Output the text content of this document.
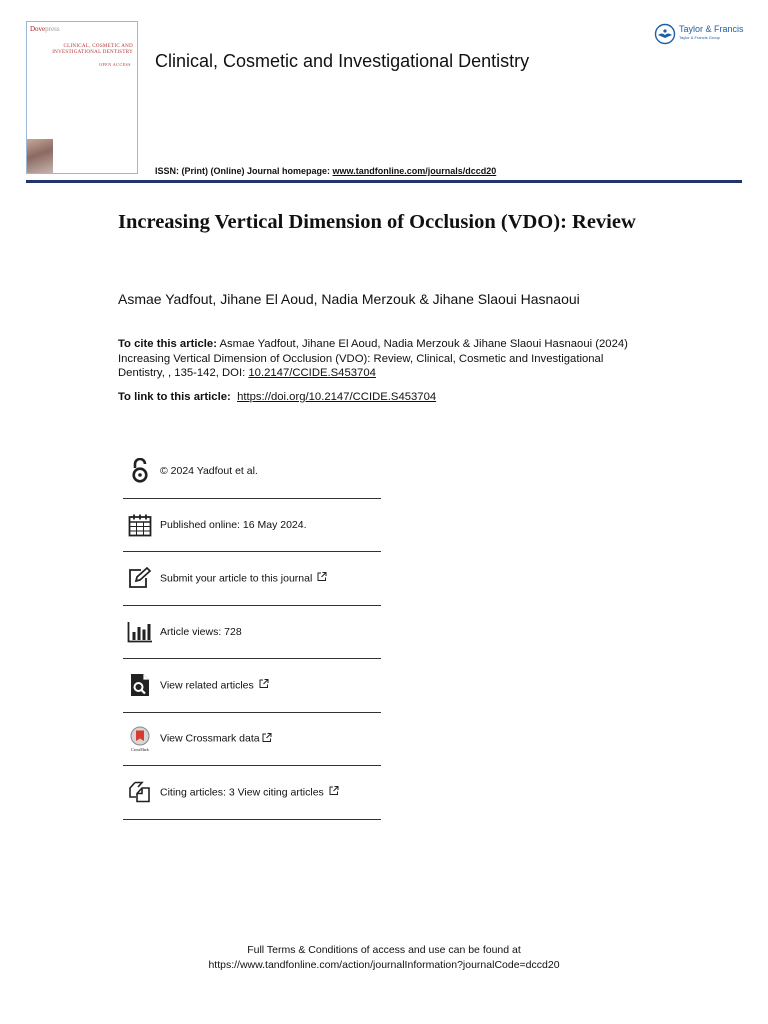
Dovepress
CLINICAL, COSMETIC AND
INVESTIGATIONAL DENTISTRY
OPEN ACCESS Clinical, Cosmetic and Investigational Dentistry
Taylor & Francis
Taylor & Francis Group
ISSN: (Print) (Online) Journal homepage: www.tandfonline.com/journals/dccd20
Increasing Vertical Dimension of Occlusion (VDO): Review
Asmae Yadfout, Jihane El Aoud, Nadia Merzouk & Jihane Slaoui Hasnaoui
To cite this article: Asmae Yadfout, Jihane El Aoud, Nadia Merzouk & Jihane Slaoui Hasnaoui (2024) Increasing Vertical Dimension of Occlusion (VDO): Review, Clinical, Cosmetic and Investigational Dentistry, , 135-142, DOI: 10.2147/CCIDE.S453704
To link to this article: https://doi.org/10.2147/CCIDE.S453704
© 2024 Yadfout et al.
Published online: 16 May 2024.
Submit your article to this journal
Article views: 728
View related articles
CrossMark
View Crossmark data
Citing articles: 3 View citing articles
Full Terms & Conditions of access and use can be found at
https://www.tandfonline.com/action/journalInformation?journalCode=dccd20
